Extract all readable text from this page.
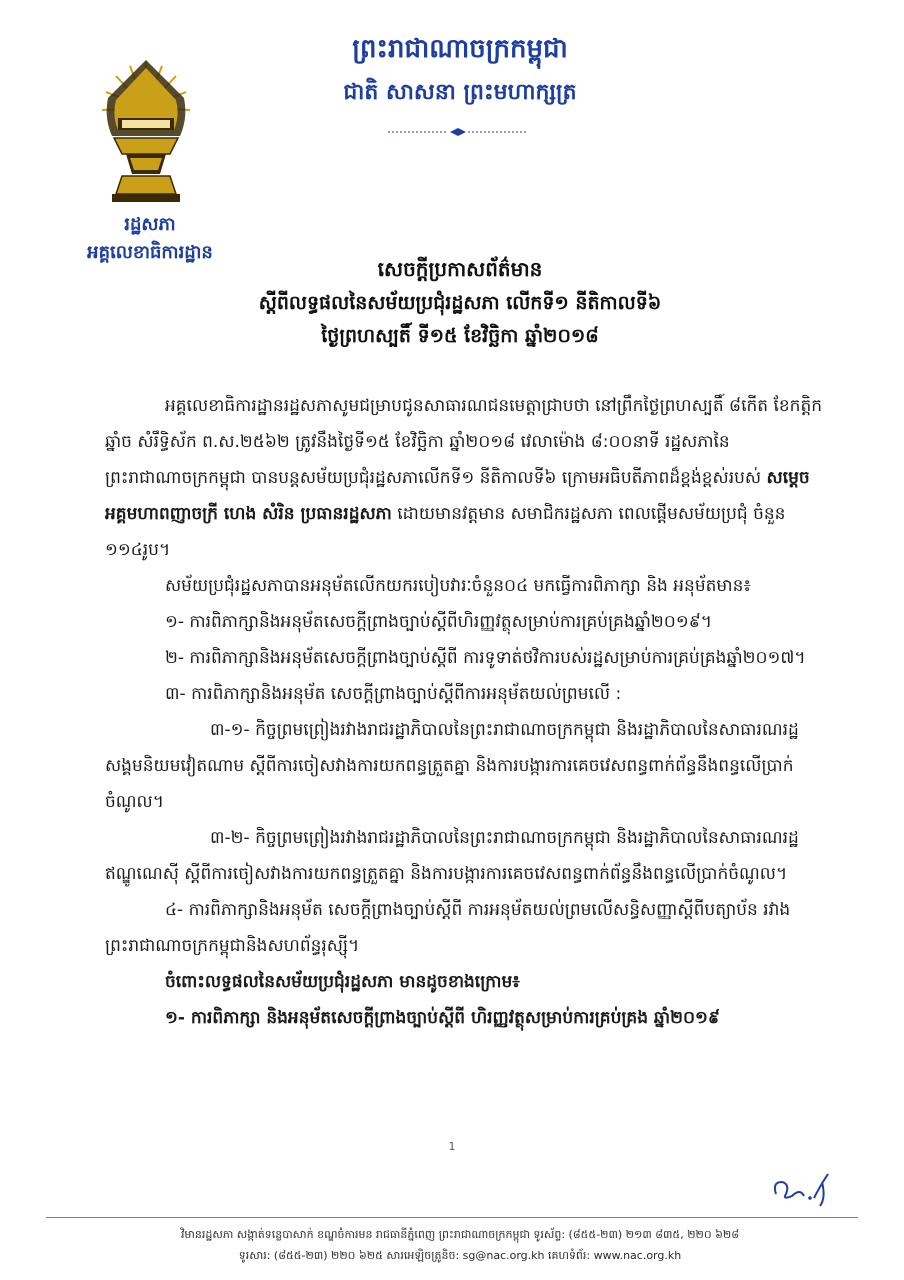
ព្រះរាជាណាចក្រកម្ពុជា
ជាតិ សាសនា ព្រះមហាក្សត្រ
រដ្ឋសភា
អគ្គលេខាធិការដ្ឋាន
សេចក្តីប្រកាសព័ត៌មាន
ស្តីពីលទ្ធផលនៃសម័យប្រជុំរដ្ឋសភា លើកទី១ នីតិកាលទី៦
ថ្ងៃព្រហស្បតិ៍ ទី១៥ ខែវិច្ឆិកា ឆ្នាំ២០១៨

អគ្គលេខាធិការដ្ឋានរដ្ឋសភាសូមជម្រាបជូនសាធារណជនមេត្តាជ្រាបថា នៅព្រឹកថ្ងៃព្រហស្បតិ៍ ៨កើត ខែកត្តិក ឆ្នាំច សំរឹទ្ធិស័ក ព.ស.២៥៦២ ត្រូវនឹងថ្ងៃទី១៥ ខែវិច្ឆិកា ឆ្នាំ២០១៨ វេលាម៉ោង ៨:០០នាទី រដ្ឋសភានៃព្រះរាជាណាចក្រកម្ពុជា បានបន្តសម័យប្រជុំរដ្ឋសភាលើកទី១ នីតិកាលទី៦ ក្រោមអធិបតីភាពដ៏ខ្ពង់ខ្ពស់របស់ សម្តេចអគ្គមហាពញាចក្រី ហេង សំរិន ប្រធានរដ្ឋសភា ដោយមានវត្តមាន សមាជិករដ្ឋសភា ពេលផ្តើមសម័យប្រជុំ ចំនួន ១១៤រូប។

សម័យប្រជុំរដ្ឋសភាបានអនុម័តលើកយករបៀបវារៈចំនួន០៤ មកធ្វើការពិភាក្សា និង អនុម័តមាន៖

១- ការពិភាក្សានិងអនុម័តសេចក្តីព្រាងច្បាប់ស្តីពីហិរញ្ញវត្ថុសម្រាប់ការគ្រប់គ្រងឆ្នាំ២០១៩។

២- ការពិភាក្សានិងអនុម័តសេចក្តីព្រាងច្បាប់ស្តីពី ការទូទាត់ថវិការបស់រដ្ឋសម្រាប់ការគ្រប់គ្រងឆ្នាំ២០១៧។

៣- ការពិភាក្សានិងអនុម័ត សេចក្តីព្រាងច្បាប់ស្តីពីការអនុម័តយល់ព្រមលើ :

៣-១- កិច្ចព្រមព្រៀងរវាងរាជរដ្ឋាភិបាលនៃព្រះរាជាណាចក្រកម្ពុជា និងរដ្ឋាភិបាលនៃសាធារណរដ្ឋសង្គមនិយមវៀតណាម ស្តីពីការចៀសវាងការយកពន្ធត្រួតគ្នា និងការបង្ការការគេចវេសពន្ធពាក់ព័ន្ធនឹងពន្ធលើប្រាក់ចំណូល។

៣-២- កិច្ចព្រមព្រៀងរវាងរាជរដ្ឋាភិបាលនៃព្រះរាជាណាចក្រកម្ពុជា និងរដ្ឋាភិបាលនៃសាធារណរដ្ឋឥណ្ឌូណេស៊ី ស្តីពីការចៀសវាងការយកពន្ធត្រួតគ្នា និងការបង្ការការគេចវេសពន្ធពាក់ព័ន្ធនឹងពន្ធលើប្រាក់ចំណូល។

៤- ការពិភាក្សានិងអនុម័ត សេចក្តីព្រាងច្បាប់ស្តីពី ការអនុម័តយល់ព្រមលើសន្ធិសញ្ញាស្តីពីបត្យាប័ន រវាងព្រះរាជាណាចក្រកម្ពុជានិងសហព័ន្ធរុស្ស៊ី។

ចំពោះលទ្ធផលនៃសម័យប្រជុំរដ្ឋសភា មានដូចខាងក្រោម៖

១- ការពិភាក្សា និងអនុម័តសេចក្តីព្រាងច្បាប់ស្តីពី ហិរញ្ញវត្ថុសម្រាប់ការគ្រប់គ្រង ឆ្នាំ២០១៩

1
វិមានរដ្ឋសភា សង្កាត់ទន្លេបាសាក់ ខណ្ឌចំការមន រាជធានីភ្នំពេញ ព្រះរាជាណាចក្រកម្ពុជា ទូរស័ព្ទ: (៨៥៥-២៣) ២១៣ ៨៣៥, ២២០ ៦២៨
ទូរសារ: (៨៥៥-២៣) ២២០ ៦២៥ សារអេឡិចត្រូនិច: sg@nac.org.kh គេហទំព័រ: www.nac.org.kh
